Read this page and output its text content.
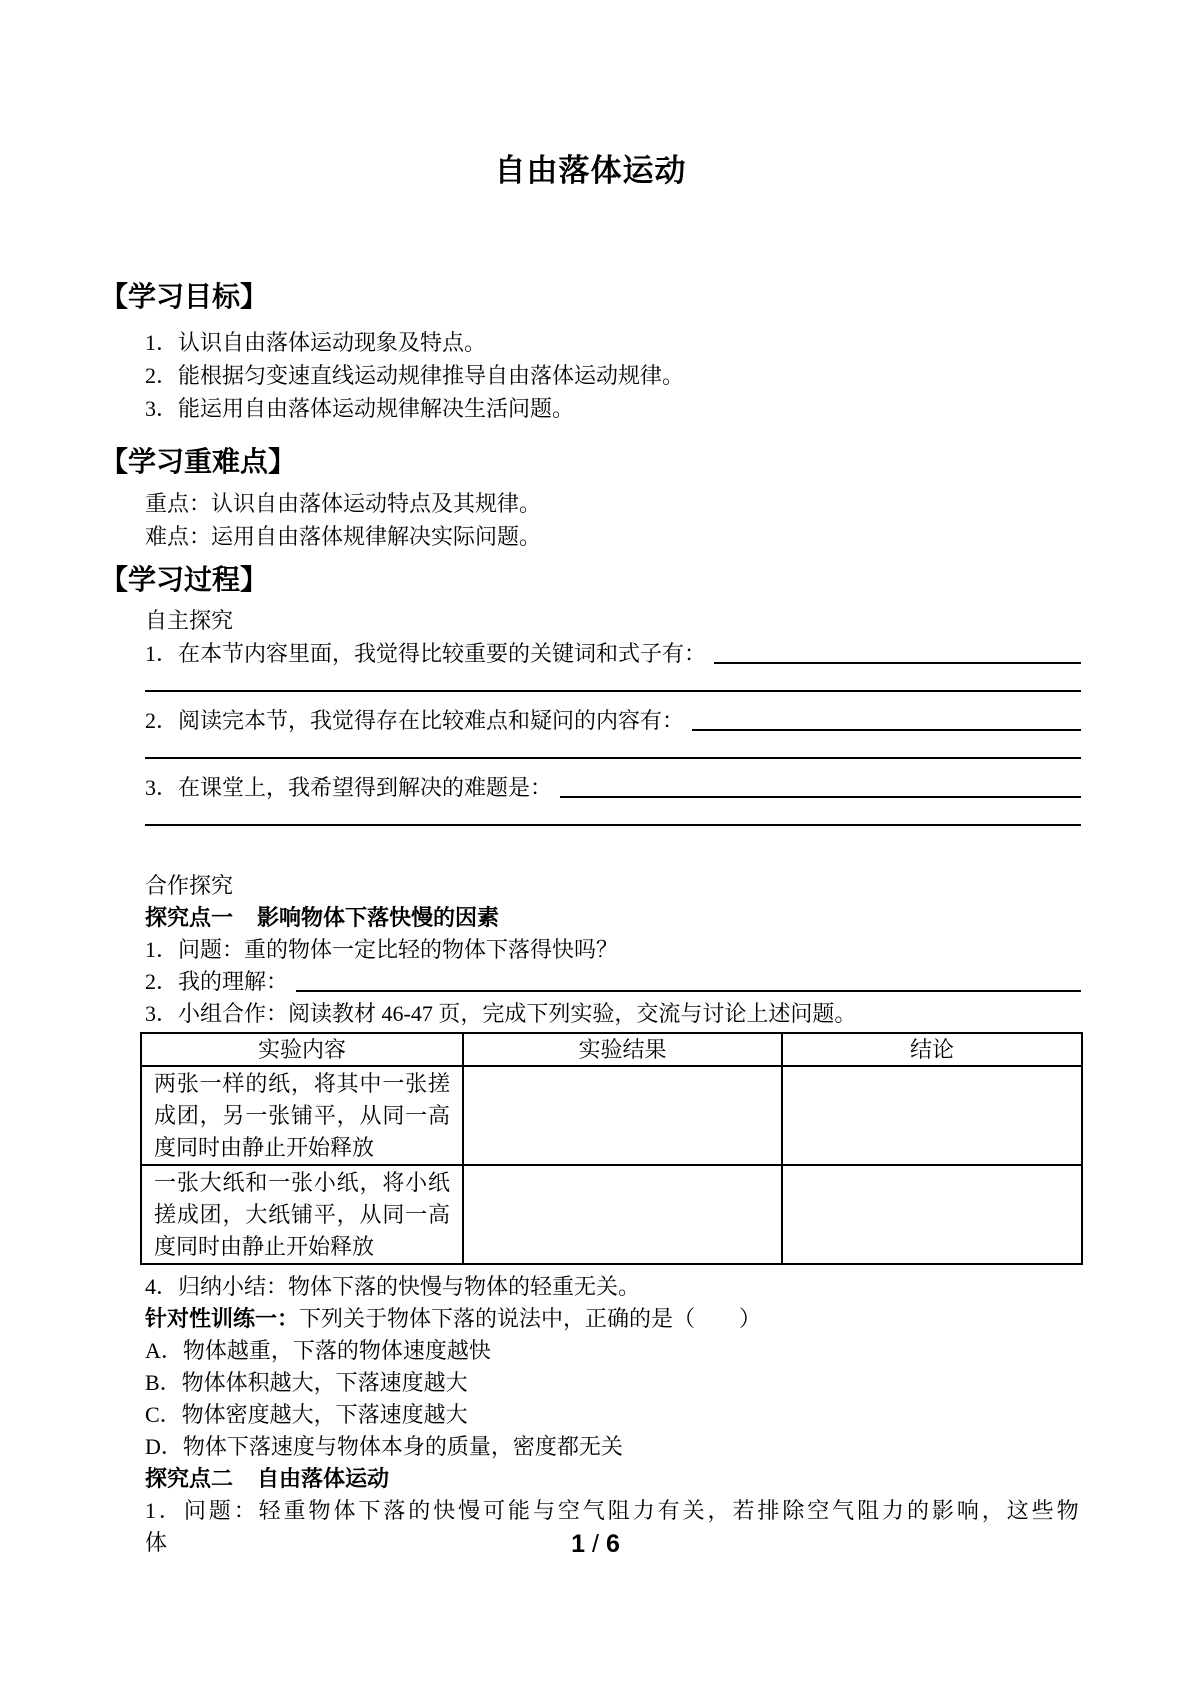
自由落体运动
【学习目标】
1．认识自由落体运动现象及特点。
2．能根据匀变速直线运动规律推导自由落体运动规律。
3．能运用自由落体运动规律解决生活问题。
【学习重难点】
重点：认识自由落体运动特点及其规律。
难点：运用自由落体规律解决实际问题。
【学习过程】
自主探究
1．在本节内容里面，我觉得比较重要的关键词和式子有：
2．阅读完本节，我觉得存在比较难点和疑问的内容有：
3．在课堂上，我希望得到解决的难题是：
合作探究
探究点一 影响物体下落快慢的因素
1．问题：重的物体一定比轻的物体下落得快吗？
2．我的理解：
3．小组合作：阅读教材 46-47 页，完成下列实验，交流与讨论上述问题。
实验内容	实验结果	结论
两张一样的纸，将其中一张搓成团，另一张铺平，从同一高度同时由静止开始释放		
一张大纸和一张小纸，将小纸搓成团，大纸铺平，从同一高度同时由静止开始释放		
4．归纳小结：物体下落的快慢与物体的轻重无关。
针对性训练一：下列关于物体下落的说法中，正确的是（　　）
A．物体越重，下落的物体速度越快
B．物体体积越大，下落速度越大
C．物体密度越大，下落速度越大
D．物体下落速度与物体本身的质量，密度都无关
探究点二 自由落体运动
1．问题：轻重物体下落的快慢可能与空气阻力有关，若排除空气阻力的影响，这些物体	1 / 6
